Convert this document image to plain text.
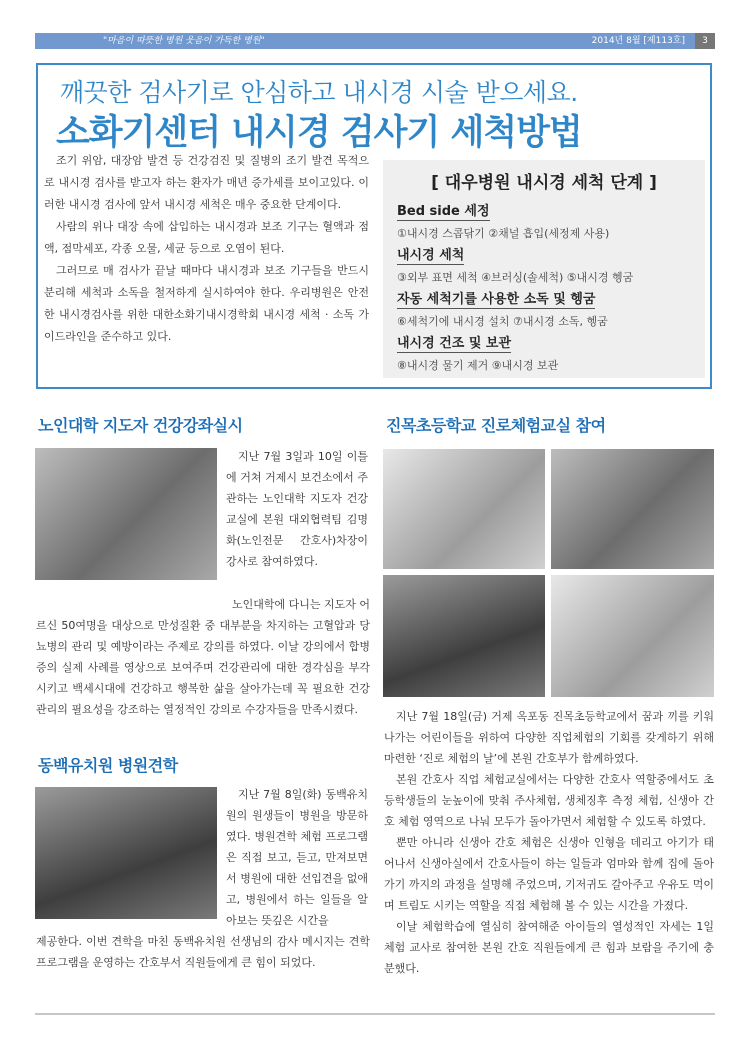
"마음이 따뜻한 병원 웃음이 가득한 병원"	2014년 8월 [제113호]	3
깨끗한 검사기로 안심하고 내시경 시술 받으세요.
소화기센터 내시경 검사기 세척방법

조기 위암, 대장암 발견 등 건강검진 및 질병의 조기 발견 목적으로 내시경 검사를 받고자 하는 환자가 매년 증가세를 보이고있다. 이러한 내시경 검사에 앞서 내시경 세척은 매우 중요한 단계이다.

사람의 위나 대장 속에 삽입하는 내시경과 보조 기구는 혈액과 점액, 점막세포, 각종 오물, 세균 등으로 오염이 된다.

그러므로 매 검사가 끝날 때마다 내시경과 보조 기구들을 반드시 분리해 세척과 소독을 철저하게 실시하여야 한다. 우리병원은 안전한 내시경검사를 위한 대한소화기내시경학회 내시경 세척 · 소독 가이드라인을 준수하고 있다.

[ 대우병원 내시경 세척 단계 ]
Bed side 세정
①내시경 스콥닦기 ②채널 흡입(세정제 사용)
내시경 세척
③외부 표면 세척 ④브러싱(솔세척) ⑤내시경 헹굼
자동 세척기를 사용한 소독 및 헹굼
⑥세척기에 내시경 설치 ⑦내시경 소독, 헹굼
내시경 건조 및 보관
⑧내시경 물기 제거 ⑨내시경 보관
노인대학 지도자 건강강좌실시

지난 7월 3일과 10일 이틀에 거쳐 거제시 보건소에서 주관하는 노인대학 지도자 건강 교실에 본원 대외협력팀 김명화(노인전문 간호사)차장이 강사로 참여하였다.

노인대학에 다니는 지도자 어르신 50여명을 대상으로 만성질환 중 대부분을 차지하는 고혈압과 당뇨병의 관리 및 예방이라는 주제로 강의를 하였다. 이날 강의에서 합병증의 실제 사례를 영상으로 보여주며 건강관리에 대한 경각심을 부각시키고 백세시대에 건강하고 행복한 삶을 살아가는데 꼭 필요한 건강관리의 필요성을 강조하는 열정적인 강의로 수강자들을 만족시켰다.

동백유치원 병원견학

지난 7월 8일(화) 동백유치원의 원생들이 병원을 방문하였다. 병원견학 체험 프로그램은 직접 보고, 듣고, 만져보면서 병원에 대한 선입견을 없애고, 병원에서 하는 일들을 알아보는 뜻깊은 시간을

제공한다. 이번 견학을 마친 동백유치원 선생님의 감사 메시지는 견학 프로그램을 운영하는 간호부서 직원들에게 큰 힘이 되었다.

진목초등학교 진로체험교실 참여

지난 7월 18일(금) 거제 옥포동 진목초등학교에서 꿈과 끼를 키워나가는 어린이들을 위하여 다양한 직업체험의 기회를 갖게하기 위해 마련한 ‘진로 체험의 날’에 본원 간호부가 함께하였다.

본원 간호사 직업 체험교실에서는 다양한 간호사 역할중에서도 초등학생들의 눈높이에 맞춰 주사체험, 생체징후 측정 체험, 신생아 간호 체험 영역으로 나눠 모두가 돌아가면서 체험할 수 있도록 하였다.

뿐만 아니라 신생아 간호 체험은 신생아 인형을 데리고 아기가 태어나서 신생아실에서 간호사들이 하는 일들과 엄마와 함께 집에 돌아가기 까지의 과정을 설명해 주었으며, 기저귀도 갈아주고 우유도 먹이며 트림도 시키는 역할을 직접 체험해 볼 수 있는 시간을 가졌다.

이날 체험학습에 열심히 참여해준 아이들의 열성적인 자세는 1일 체험 교사로 참여한 본원 간호 직원들에게 큰 힘과 보람을 주기에 충분했다.
